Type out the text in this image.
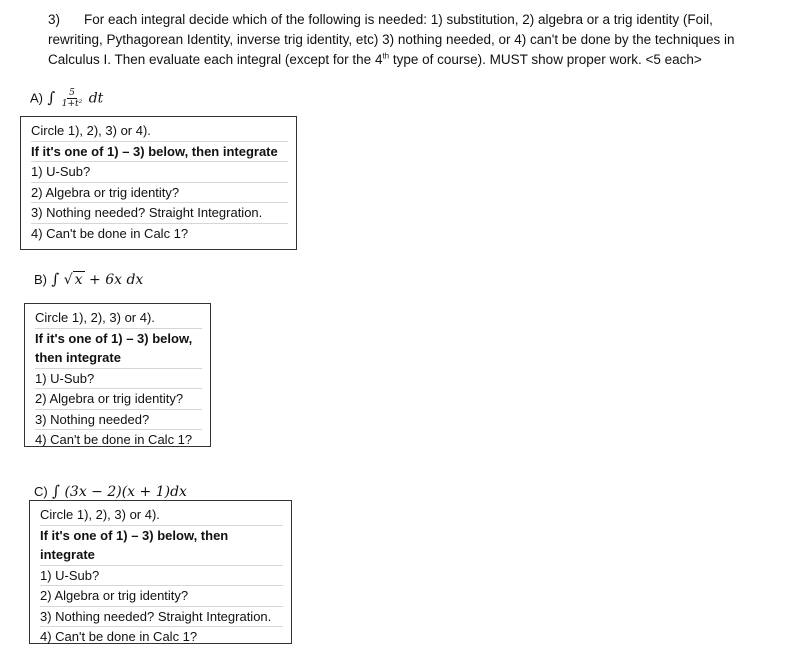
3) For each integral decide which of the following is needed: 1) substitution, 2) algebra or a trig identity (Foil, rewriting, Pythagorean Identity, inverse trig identity, etc) 3) nothing needed, or 4) can't be done by the techniques in Calculus I. Then evaluate each integral (except for the 4th type of course). MUST show proper work. <5 each>
A) ∫ $\frac{5}{\text{1+t²}}$ dt
Circle 1), 2), 3) or 4).
If it's one of 1) – 3) below, then integrate
1) U-Sub?
2) Algebra or trig identity?
3) Nothing needed? Straight Integration.
4) Can't be done in Calc 1?
B) ∫ √ x + 6x dx
Circle 1), 2), 3) or 4).
If it's one of 1) – 3) below,
then integrate
1) U-Sub?
2) Algebra or trig identity?
3) Nothing needed?
4) Can't be done in Calc 1?
C) ∫ (3x − 2)(x + 1)dx
Circle 1), 2), 3) or 4).
If it's one of 1) – 3) below, then
integrate
1) U-Sub?
2) Algebra or trig identity?
3) Nothing needed? Straight Integration.
4) Can't be done in Calc 1?
